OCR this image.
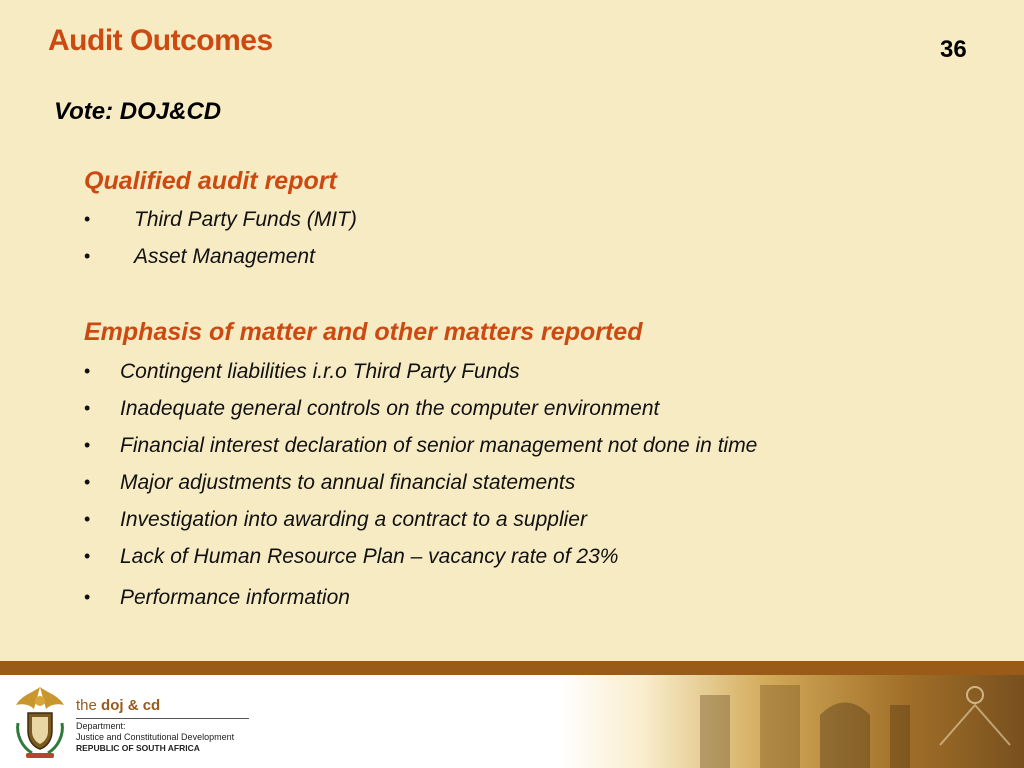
Audit Outcomes	36
Vote: DOJ&CD
Qualified audit report
• Third Party Funds (MIT)
• Asset Management
Emphasis of matter and other matters reported
• Contingent liabilities i.r.o Third Party Funds
• Inadequate general controls on the computer environment
• Financial interest declaration of senior management not done in time
• Major adjustments to annual financial statements
• Investigation into awarding a contract to a supplier
• Lack of Human Resource Plan – vacancy rate of 23%
• Performance information
the doj & cd
Department:
Justice and Constitutional Development
REPUBLIC OF SOUTH AFRICA
